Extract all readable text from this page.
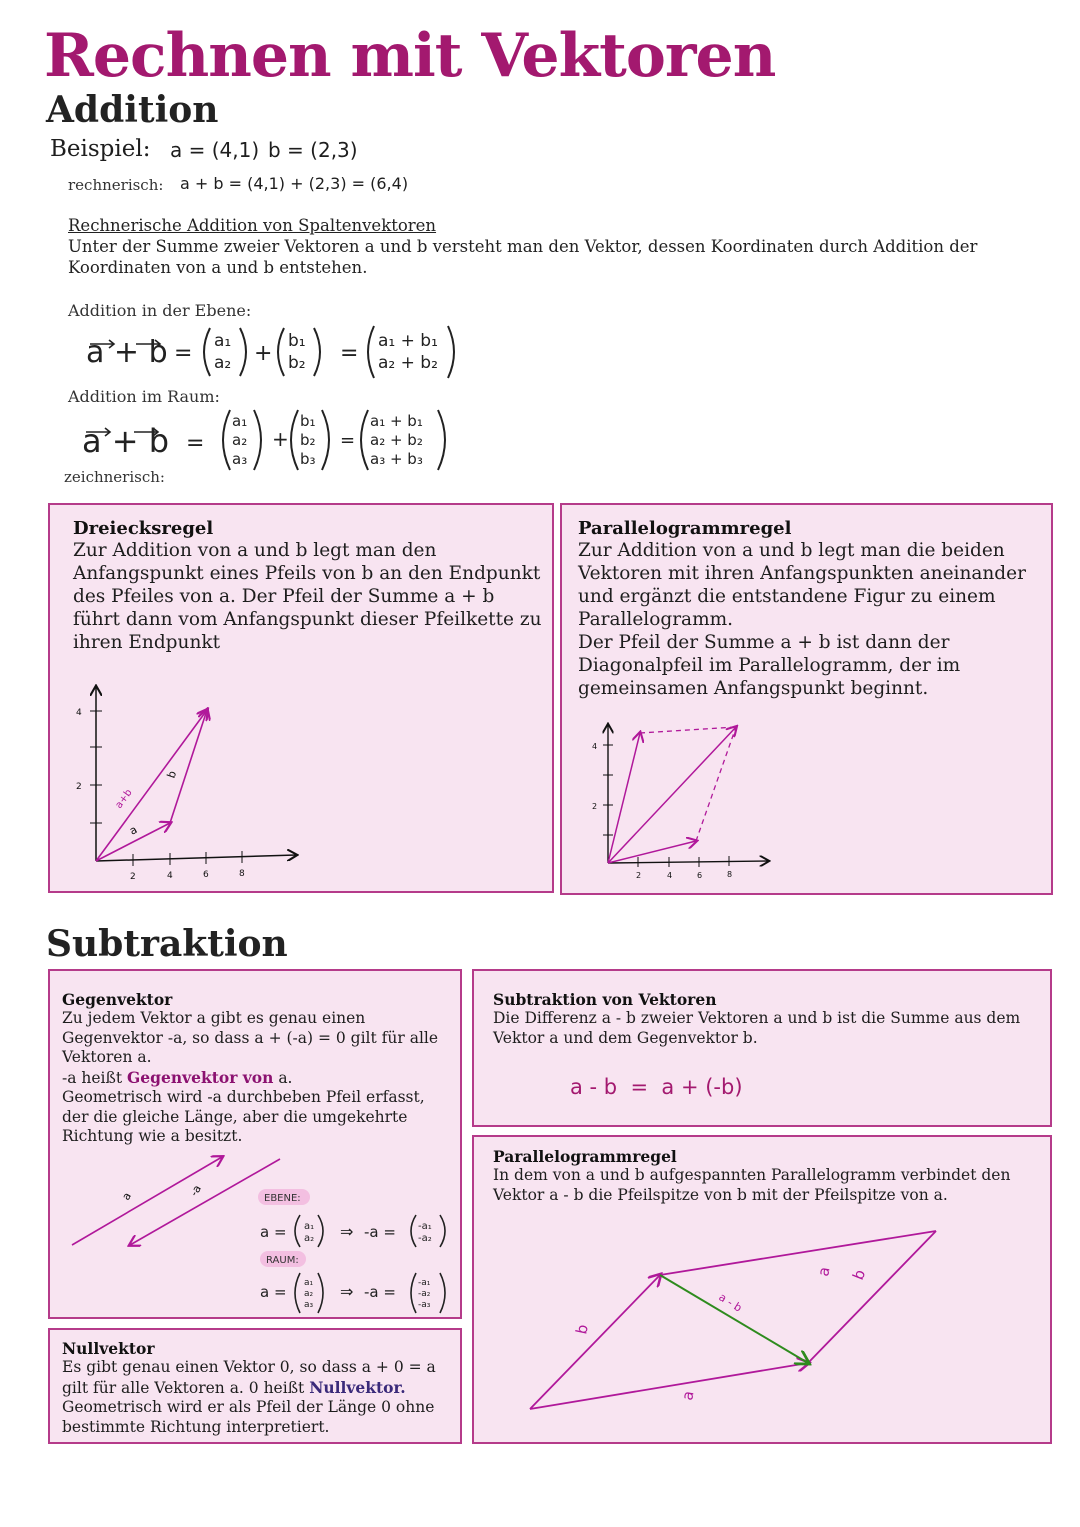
Rechnen mit Vektoren
Addition
Beispiel: a = (4,1) b = (2,3)
rechnerisch: a + b = (4,1) + (2,3) = (6,4)
Rechnerische Addition von Spaltenvektoren
Unter der Summe zweier Vektoren a und b versteht man den Vektor, dessen Koordinaten durch Addition der Koordinaten von a und b entstehen.
Addition in der Ebene:
a + b = a₁
a₂ + b₁
b₂ = a₁ + b₁
a₂ + b₂
Addition im Raum:
a + b =
a₁
a₂
a₃
+
b₁
b₂
b₃
=
a₁ + b₁
a₂ + b₂
a₃ + b₃
zeichnerisch:
Dreiecksregel

Zur Addition von a und b legt man den Anfangspunkt eines Pfeils von b an den Endpunkt des Pfeiles von a. Der Pfeil der Summe a + b führt dann vom Anfangspunkt dieser Pfeilkette zu ihren Endpunkt

4
2
2	4	6	8
a
b
a+b
Parallelogrammregel

Zur Addition von a und b legt man die beiden Vektoren mit ihren Anfangspunkten aneinander und ergänzt die entstandene Figur zu einem Parallelogramm.

Der Pfeil der Summe a + b ist dann der Diagonalpfeil im Parallelogramm, der im gemeinsamen Anfangspunkt beginnt.

4
2
2	4	6	8
Subtraktion
Gegenvektor

Zu jedem Vektor a gibt es genau einen Gegenvektor -a, so dass a + (-a) = 0 gilt für alle Vektoren a.

-a heißt Gegenvektor von a.

Geometrisch wird -a durchbeben Pfeil erfasst, der die gleiche Länge, aber die umgekehrte Richtung wie a besitzt.

a	-a	EBENE:
a = a₁
a₂ ⇒ -a = -a₁
-a₂
RAUM:
a = a₁
a₂
a₃
⇒ -a = -a₁
-a₂
-a₃
Nullvektor

Es gibt genau einen Vektor 0, so dass a + 0 = a gilt für alle Vektoren a. 0 heißt Nullvektor.

Geometrisch wird er als Pfeil der Länge 0 ohne bestimmte Richtung interpretiert.

Subtraktion von Vektoren

Die Differenz a - b zweier Vektoren a und b ist die Summe aus dem Vektor a und dem Gegenvektor b.

a - b  =  a + (-b)
Parallelogrammregel

In dem von a und b aufgespannten Parallelogramm verbindet den Vektor a - b die Pfeilspitze von b mit der Pfeilspitze von a.

b
a
a - b
a b
